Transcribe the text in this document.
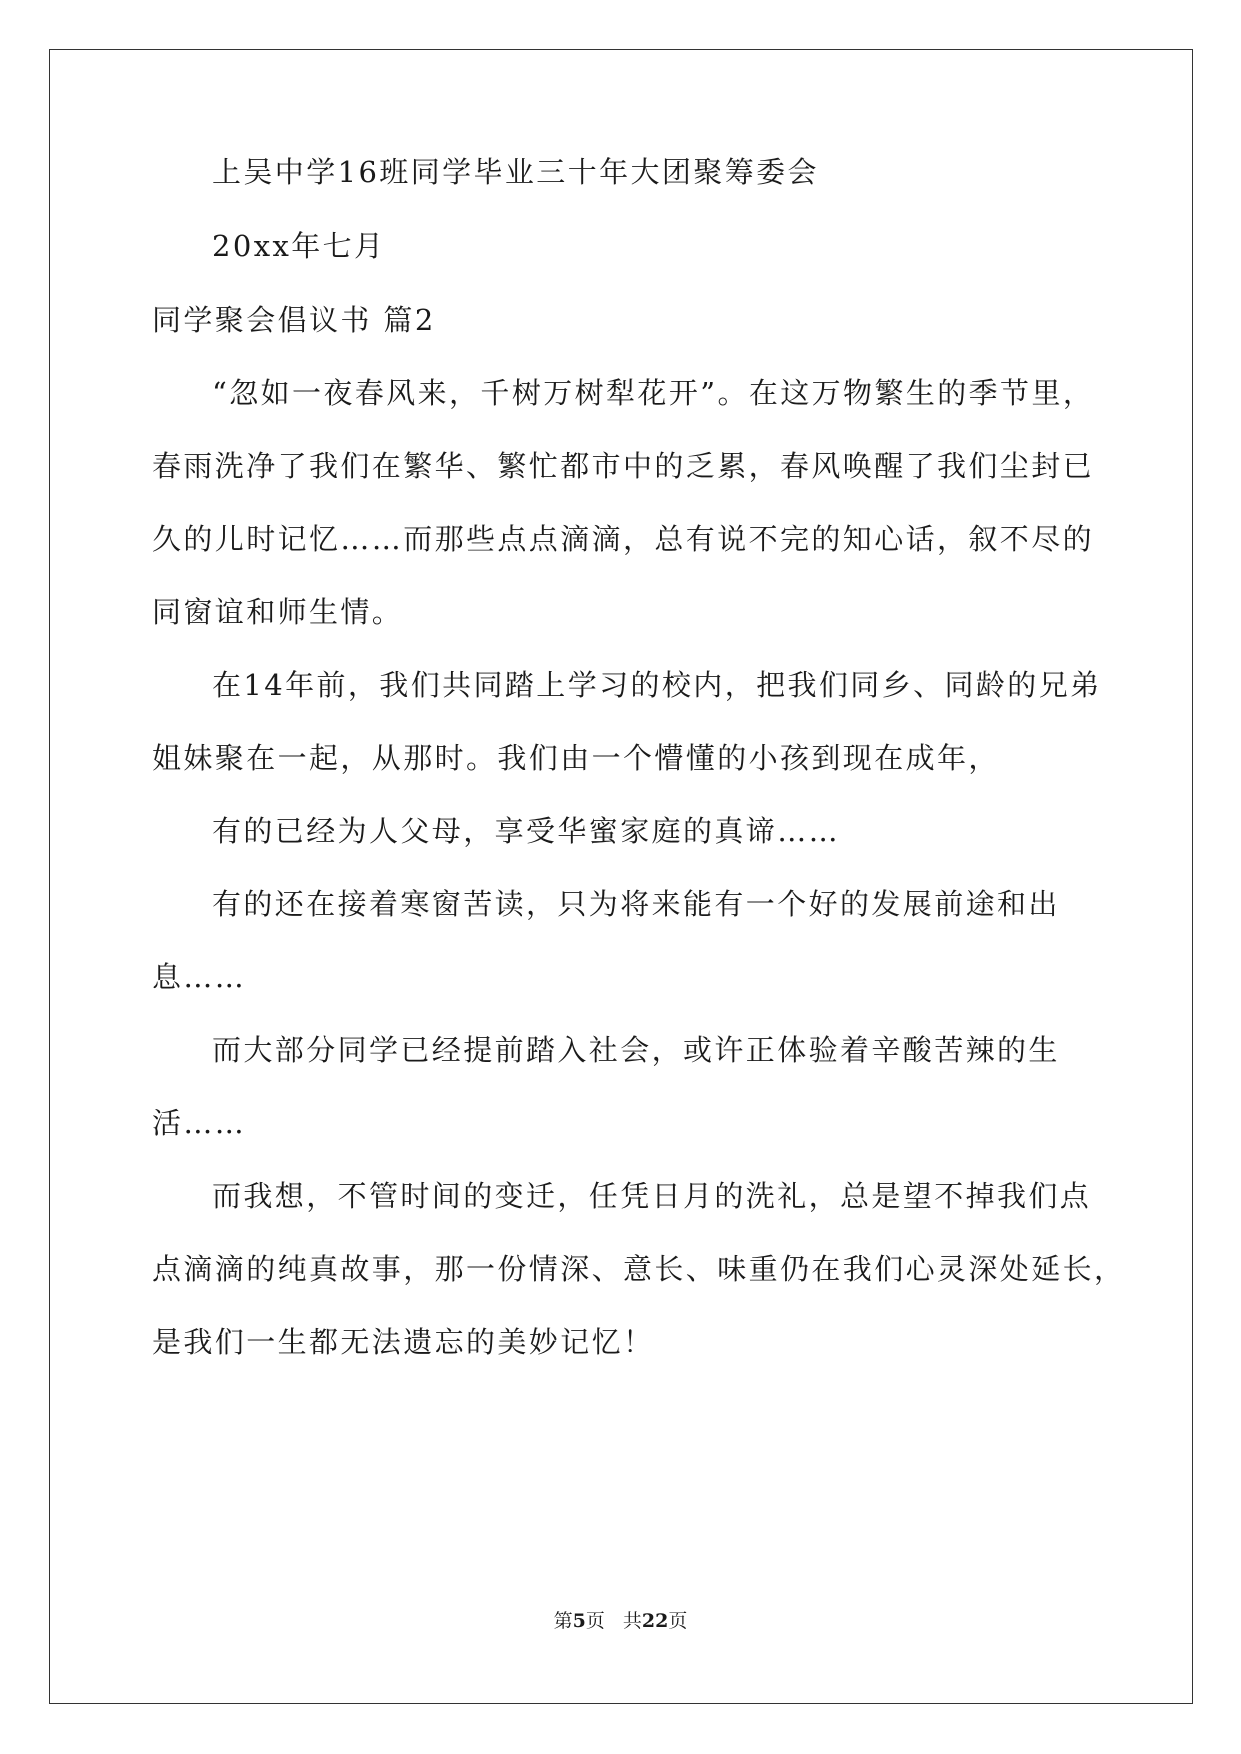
上吴中学16班同学毕业三十年大团聚筹委会
20xx年七月
同学聚会倡议书 篇2
“忽如一夜春风来，千树万树犁花开”。在这万物繁生的季节里，
春雨洗净了我们在繁华、繁忙都市中的乏累，春风唤醒了我们尘封已
久的儿时记忆……而那些点点滴滴，总有说不完的知心话，叙不尽的
同窗谊和师生情。
在14年前，我们共同踏上学习的校内，把我们同乡、同龄的兄弟
姐妹聚在一起，从那时。我们由一个懵懂的小孩到现在成年，
有的已经为人父母，享受华蜜家庭的真谛……
有的还在接着寒窗苦读，只为将来能有一个好的发展前途和出
息……
而大部分同学已经提前踏入社会，或许正体验着辛酸苦辣的生
活……
而我想，不管时间的变迁，任凭日月的洗礼，总是望不掉我们点
点滴滴的纯真故事，那一份情深、意长、味重仍在我们心灵深处延长，
是我们一生都无法遗忘的美妙记忆！
第5页 共22页
